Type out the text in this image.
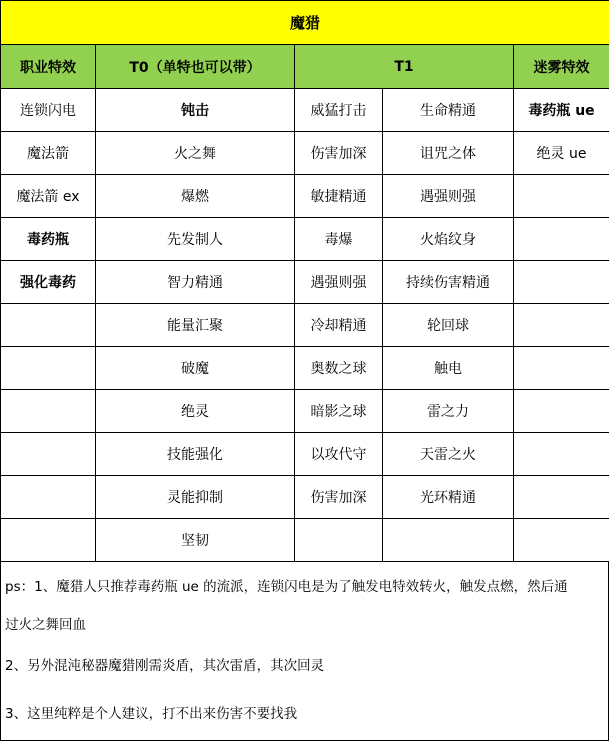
魔猎
职业特效	T0（单特也可以带）	T1	迷雾特效
连锁闪电	钝击	威猛打击	生命精通	毒药瓶 ue
魔法箭	火之舞	伤害加深	诅咒之体	绝灵 ue
魔法箭 ex	爆燃	敏捷精通	遇强则强	
毒药瓶	先发制人	毒爆	火焰纹身	
强化毒药	智力精通	遇强则强	持续伤害精通	
	能量汇聚	冷却精通	轮回球	
	破魔	奥数之球	触电	
	绝灵	暗影之球	雷之力	
	技能强化	以攻代守	天雷之火	
	灵能抑制	伤害加深	光环精通	
	坚韧			
ps：1、魔猎人只推荐毒药瓶 ue 的流派，连锁闪电是为了触发电特效转火，触发点燃，然后通
过火之舞回血
2、另外混沌秘器魔猎刚需炎盾，其次雷盾，其次回灵
3、这里纯粹是个人建议，打不出来伤害不要找我
